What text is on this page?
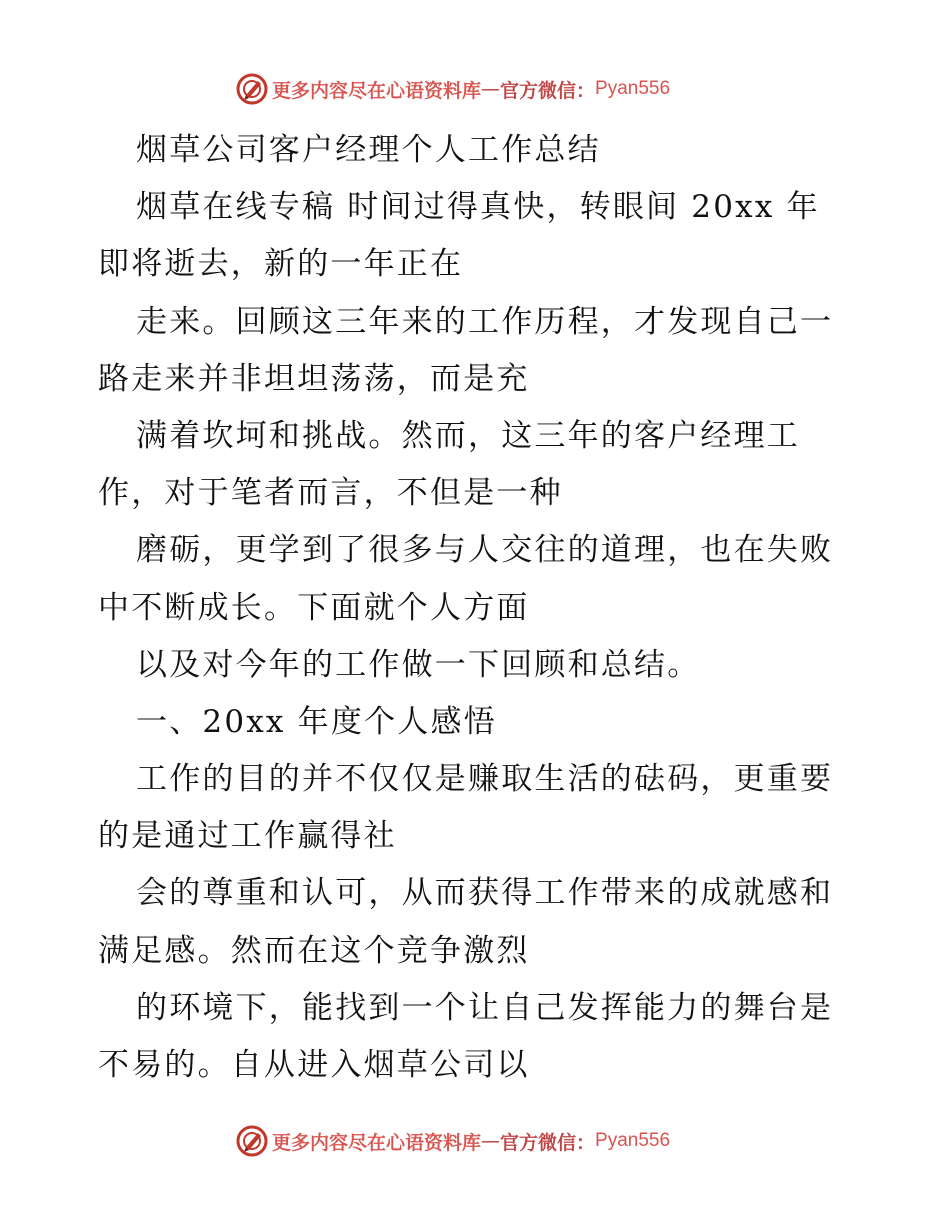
更多内容尽在心语资料库 — 官方微信： Pyan556
烟草公司客户经理个人工作总结
烟草在线专稿 时间过得真快，转眼间 20xx 年
即将逝去，新的一年正在
走来。回顾这三年来的工作历程，才发现自己一
路走来并非坦坦荡荡，而是充
满着坎坷和挑战。然而，这三年的客户经理工
作，对于笔者而言，不但是一种
磨砺，更学到了很多与人交往的道理，也在失败
中不断成长。下面就个人方面
以及对今年的工作做一下回顾和总结。
一、20xx 年度个人感悟
工作的目的并不仅仅是赚取生活的砝码，更重要
的是通过工作赢得社
会的尊重和认可，从而获得工作带来的成就感和
满足感。然而在这个竞争激烈
的环境下，能找到一个让自己发挥能力的舞台是
不易的。自从进入烟草公司以
更多内容尽在心语资料库 — 官方微信： Pyan556
